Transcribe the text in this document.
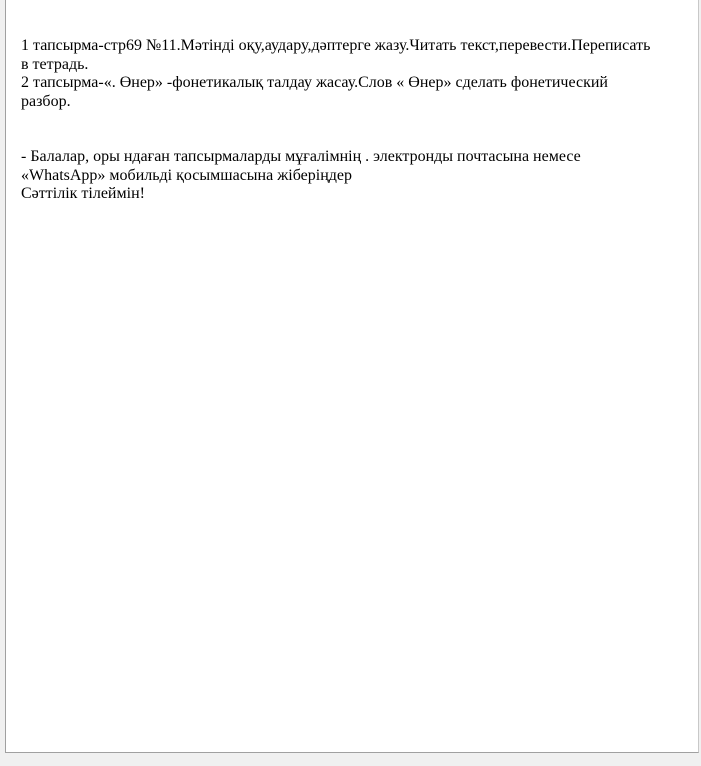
1 тапсырма-стр69 №11.Мәтінді оқу,аудару,дәптерге жазу.Читать текст,перевести.Переписать
в тетрадь.

2 тапсырма-«. Өнер» -фонетикалық талдау жасау.Слов « Өнер» сделать фонетический
разбор.

- Балалар, оры ндаған тапсырмаларды мұғалімнің . электронды почтасына немесе
«WhatsApp» мобильді қосымшасына жіберіңдер
Сәттілік тілеймін!
